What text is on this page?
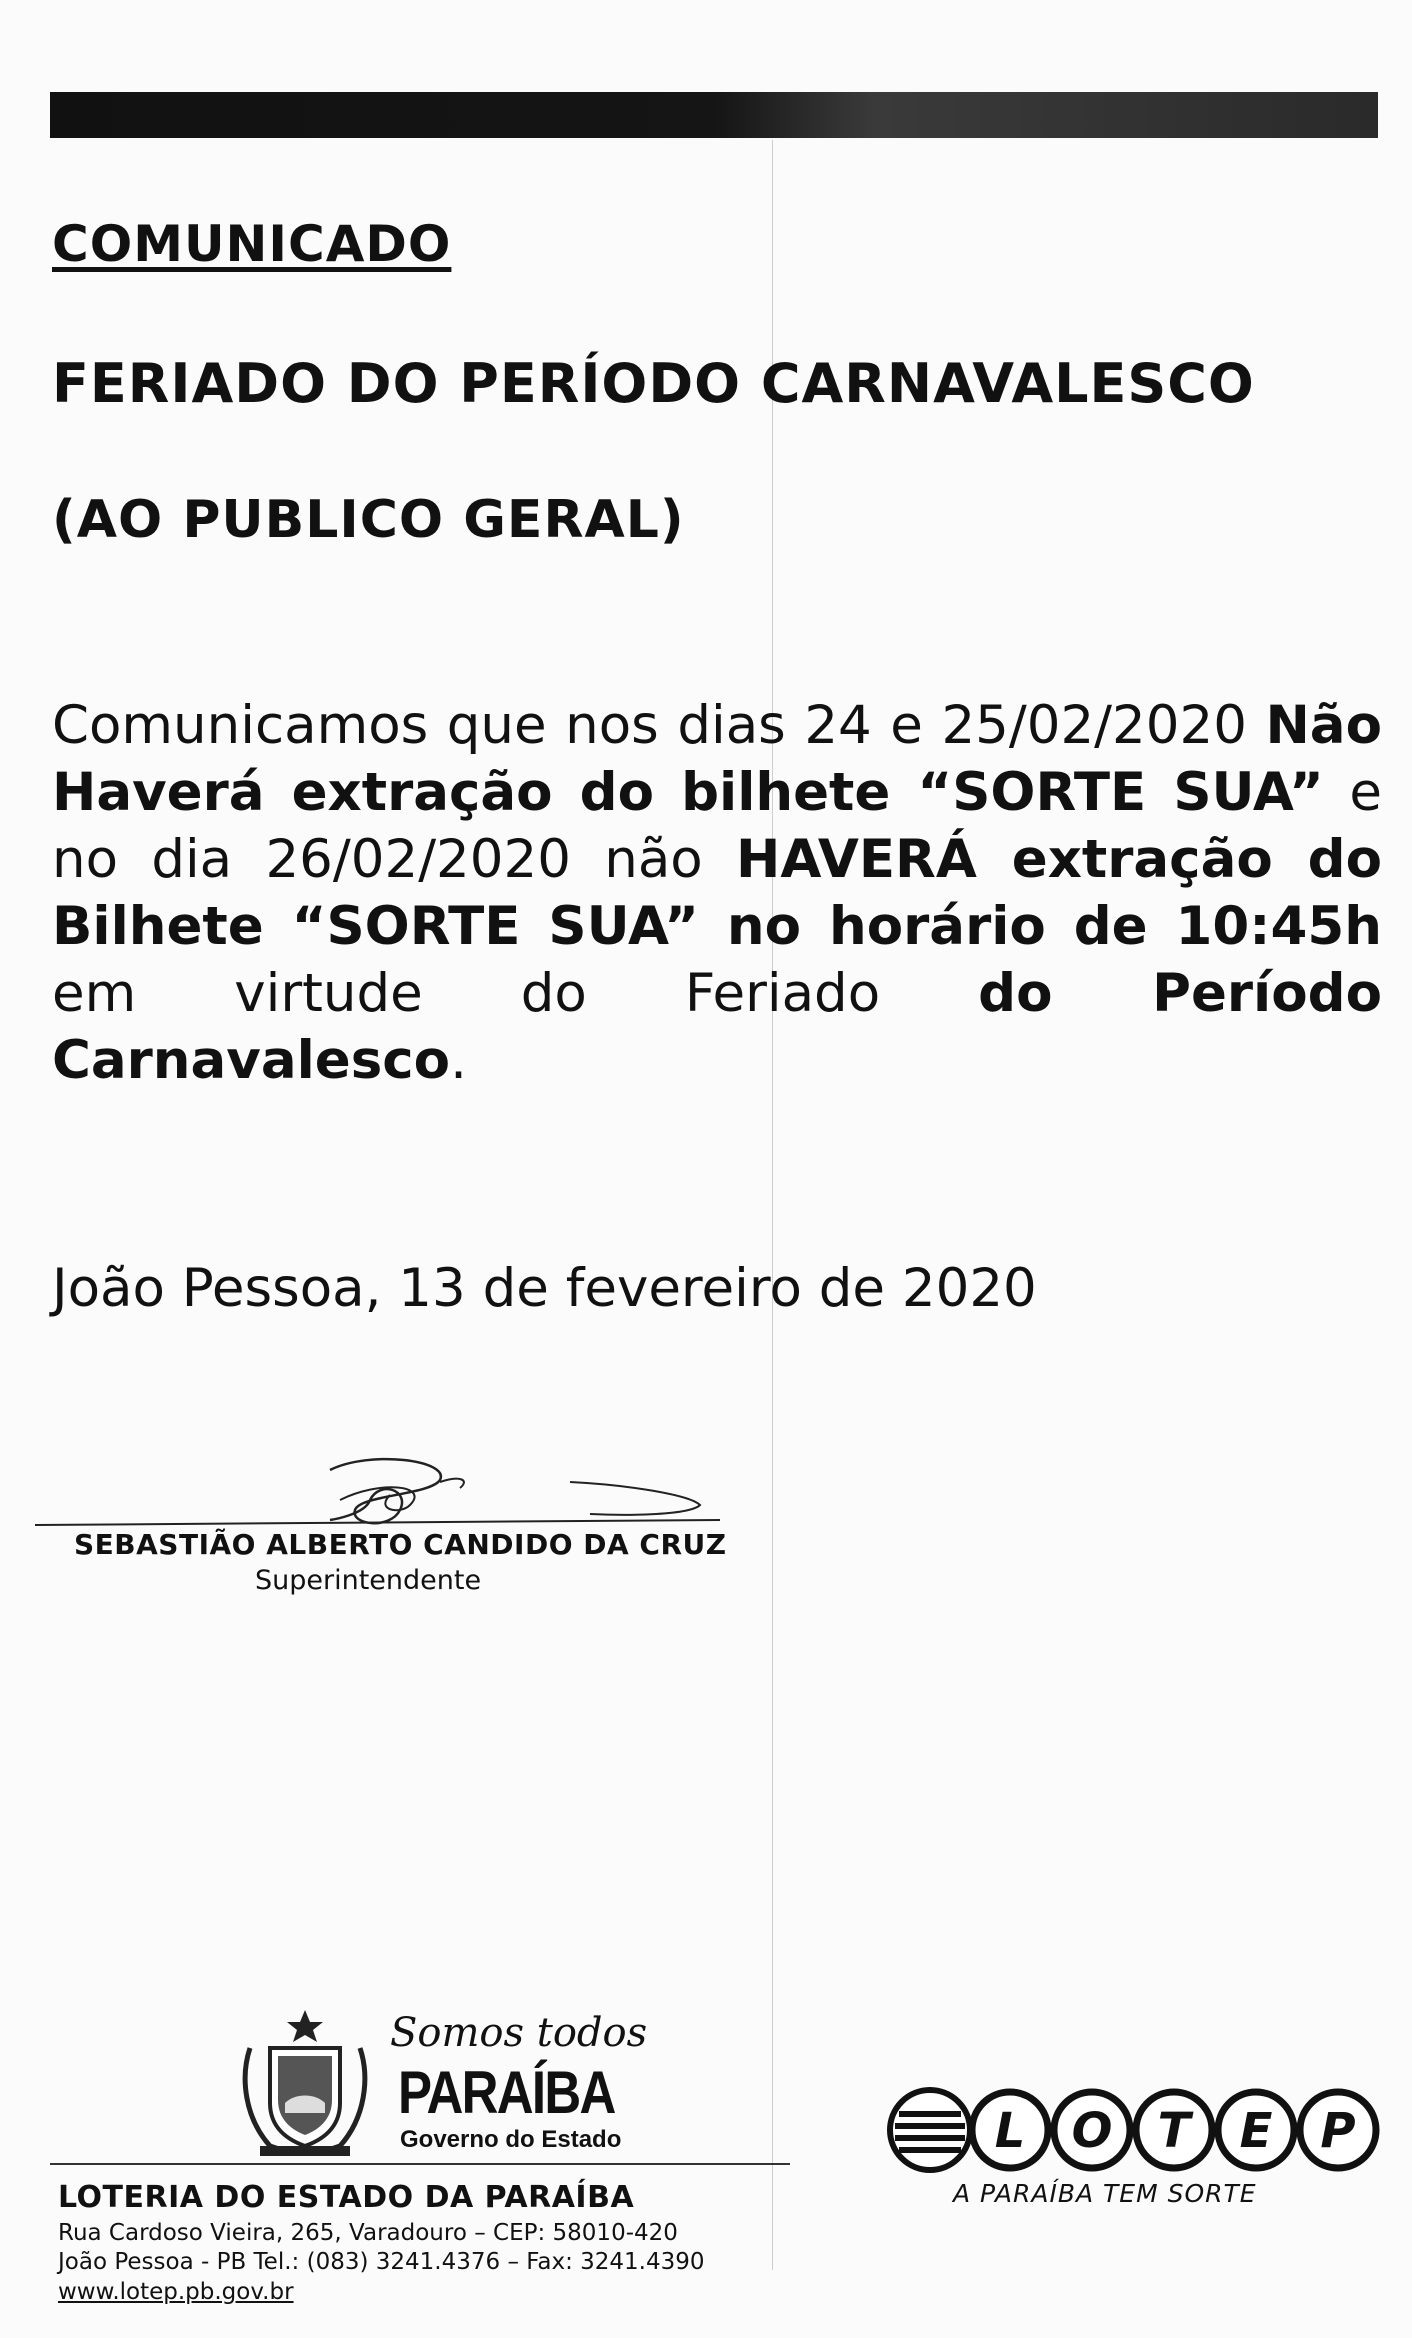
COMUNICADO
FERIADO DO PERÍODO CARNAVALESCO
(AO PUBLICO GERAL)

Comunicamos que nos dias 24 e 25/02/2020 Não Haverá extração do bilhete “SORTE SUA” e no dia 26/02/2020 não HAVERÁ extração do Bilhete “SORTE SUA” no horário de 10:45h em virtude do Feriado do Período Carnavalesco.

João Pessoa, 13 de fevereiro de 2020

SEBASTIÃO ALBERTO CANDIDO DA CRUZ

Superintendente

Somos todos
PARAÍBA
Governo do Estado

LOTERIA DO ESTADO DA PARAÍBA

Rua Cardoso Vieira, 265, Varadouro – CEP: 58010-420

João Pessoa - PB Tel.: (083) 3241.4376 – Fax: 3241.4390

www.lotep.pb.gov.br

L O T E P

A PARAÍBA TEM SORTE
